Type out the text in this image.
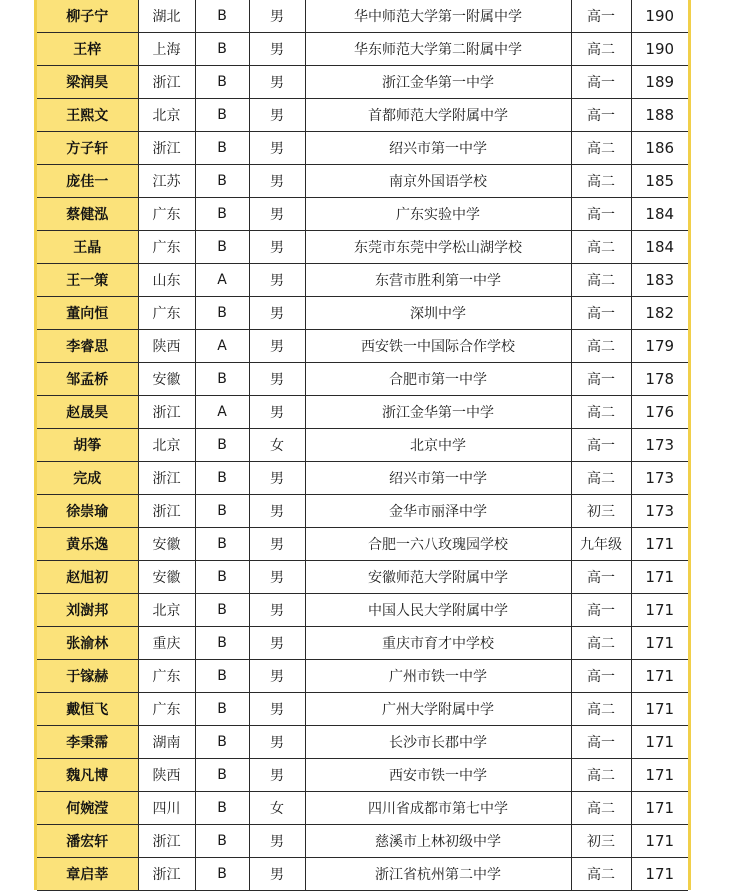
柳子宁	湖北	B	男	华中师范大学第一附属中学	高一	190
王梓	上海	B	男	华东师范大学第二附属中学	高二	190
梁润昊	浙江	B	男	浙江金华第一中学	高一	189
王熙文	北京	B	男	首都师范大学附属中学	高一	188
方子轩	浙江	B	男	绍兴市第一中学	高二	186
庞佳一	江苏	B	男	南京外国语学校	高二	185
蔡健泓	广东	B	男	广东实验中学	高一	184
王晶	广东	B	男	东莞市东莞中学松山湖学校	高二	184
王一策	山东	A	男	东营市胜利第一中学	高二	183
董向恒	广东	B	男	深圳中学	高一	182
李睿思	陕西	A	男	西安铁一中国际合作学校	高二	179
邹孟桥	安徽	B	男	合肥市第一中学	高一	178
赵晟昊	浙江	A	男	浙江金华第一中学	高二	176
胡筝	北京	B	女	北京中学	高一	173
完成	浙江	B	男	绍兴市第一中学	高二	173
徐崇瑜	浙江	B	男	金华市丽泽中学	初三	173
黄乐逸	安徽	B	男	合肥一六八玫瑰园学校	九年级	171
赵旭初	安徽	B	男	安徽师范大学附属中学	高一	171
刘澍邦	北京	B	男	中国人民大学附属中学	高一	171
张渝林	重庆	B	男	重庆市育才中学校	高二	171
于镓赫	广东	B	男	广州市铁一中学	高一	171
戴恒飞	广东	B	男	广州大学附属中学	高二	171
李秉霈	湖南	B	男	长沙市长郡中学	高一	171
魏凡博	陕西	B	男	西安市铁一中学	高二	171
何婉滢	四川	B	女	四川省成都市第七中学	高二	171
潘宏轩	浙江	B	男	慈溪市上林初级中学	初三	171
章启莘	浙江	B	男	浙江省杭州第二中学	高二	171
